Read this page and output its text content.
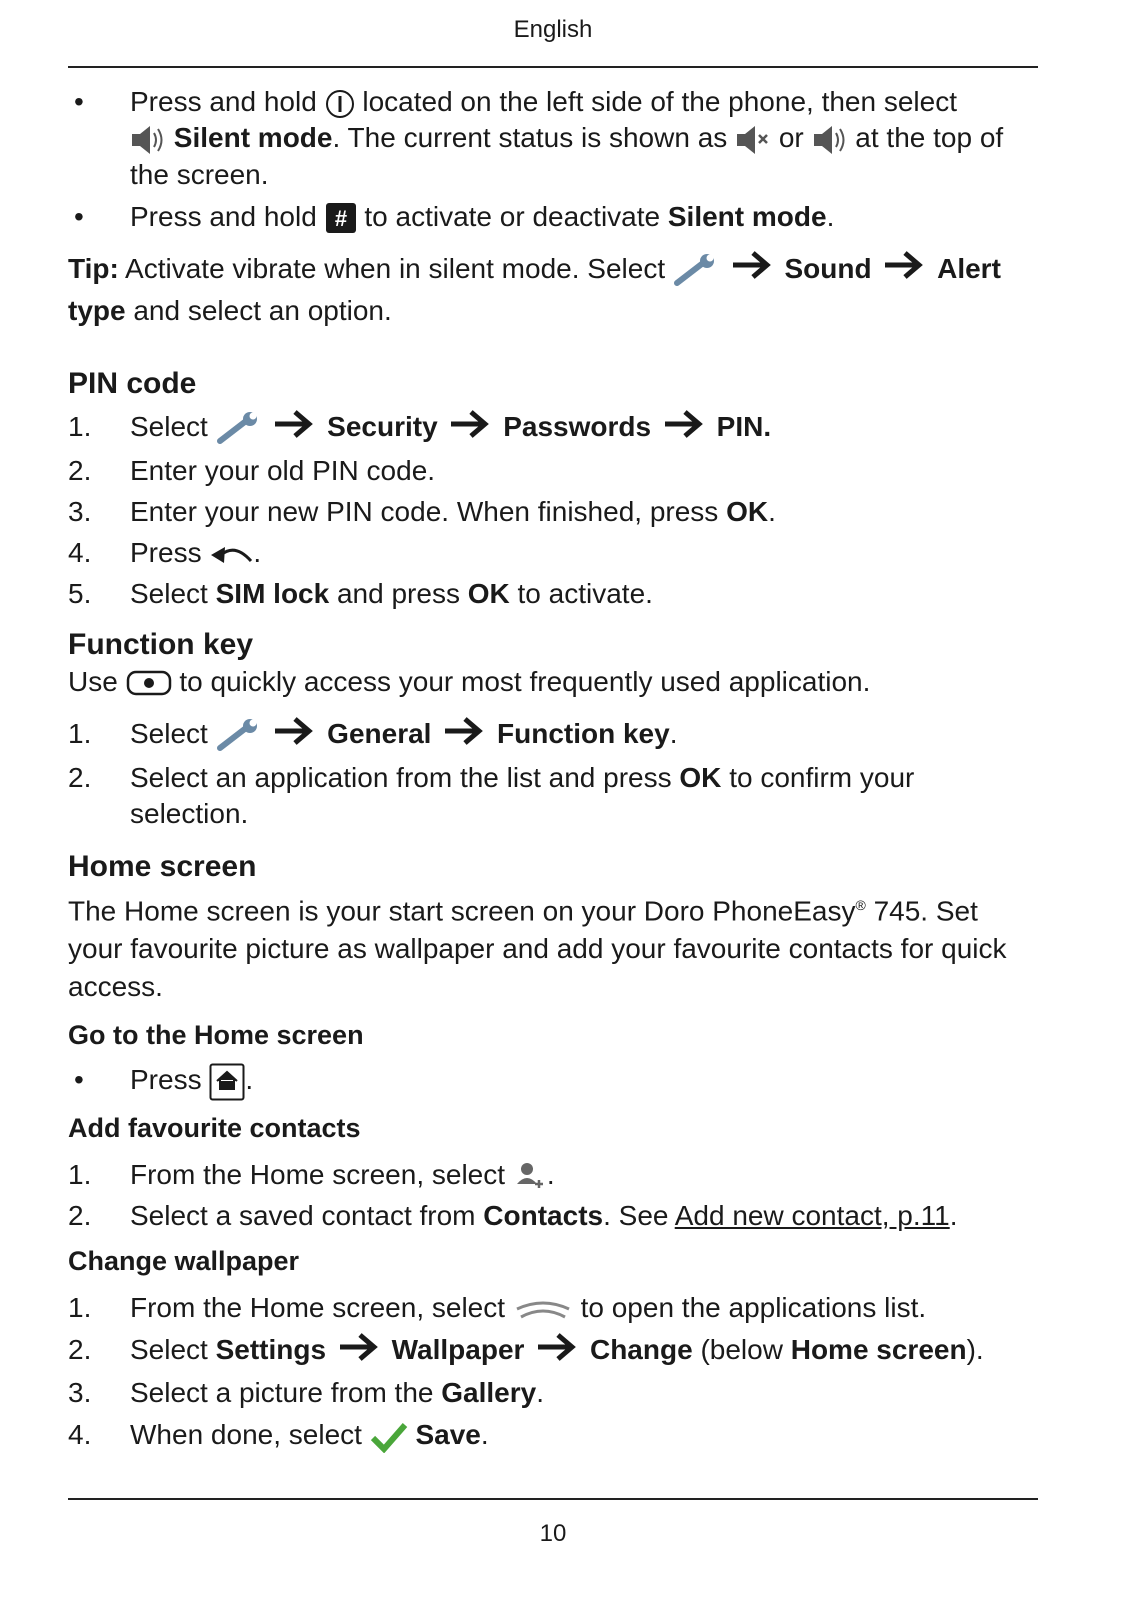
English
• Press and hold located on the left side of the phone, then select

Silent mode. The current status is shown as or at the top of the screen.
• Press and hold # to activate or deactivate Silent mode.

Tip: Activate vibrate when in silent mode. Select	Sound Alert type and select an option.

PIN code
1. Select	Security Passwords PIN.
2. Enter your old PIN code.
3. Enter your new PIN code. When finished, press OK.
4. Press .
5. Select SIM lock and press OK to activate.
Function key

Use to quickly access your most frequently used application.

1. Select	General Function key.
2. Select an application from the list and press OK to confirm your selection.
Home screen

The Home screen is your start screen on your Doro PhoneEasy® 745. Set your favourite picture as wallpaper and add your favourite contacts for quick access.

Go to the Home screen
• Press .
Add favourite contacts
1. From the Home screen, select .
2. Select a saved contact from Contacts. See Add new contact, p.11.
Change wallpaper
1. From the Home screen, select	to open the applications list.
2. Select Settings Wallpaper Change (below Home screen).
3. Select a picture from the Gallery.
4. When done, select Save.
10
